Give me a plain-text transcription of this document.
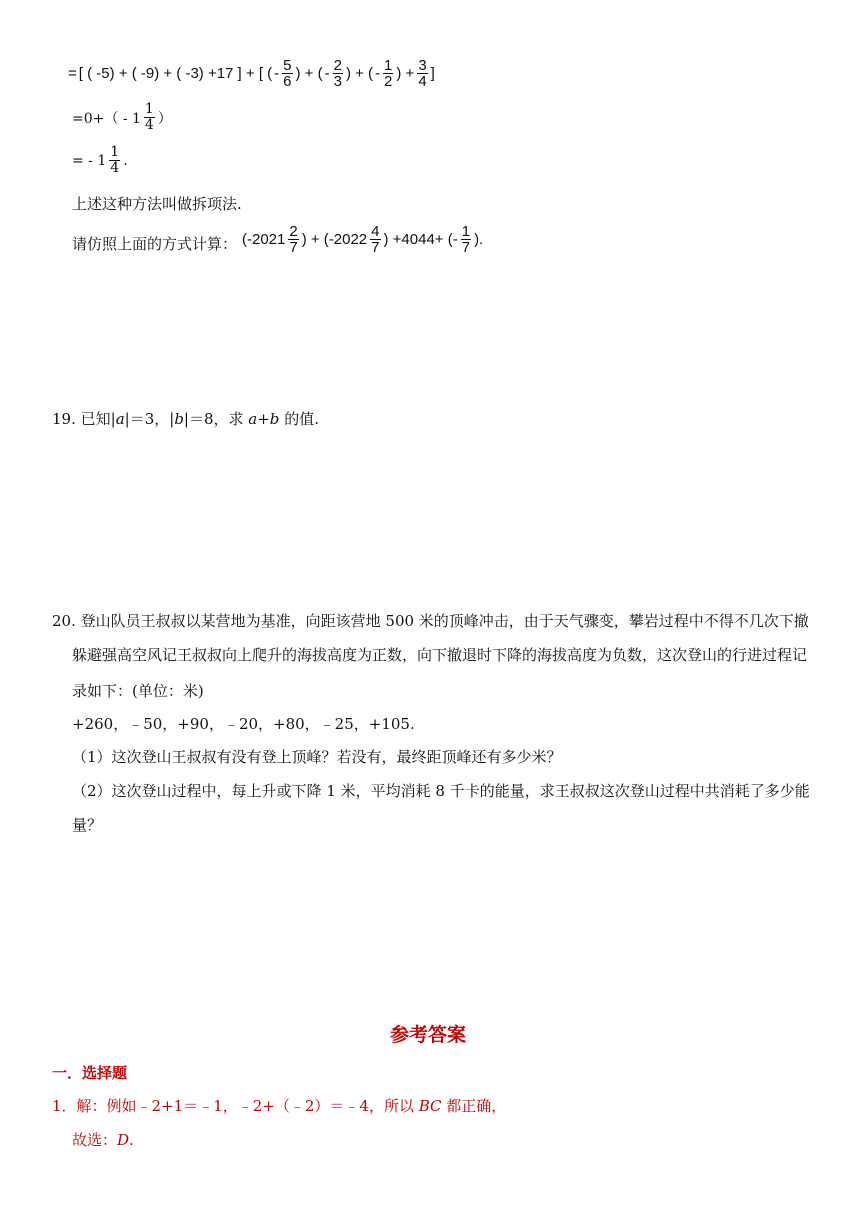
= [ ( -5) + ( -9) + ( -3) +17 ] + [ ( - $\frac{5}{6}$ ) + ( - $\frac{2}{3}$ ) + ( - $\frac{1}{2}$ ) + $\frac{3}{4}$ ]
$=0+( - 1 \frac{1}{4}$ ）
= - $1 \frac{1}{4}$ .
上述这种方法叫做拆项法.
请仿照上面的方式计算： ($-2021 \frac{2}{7}$ ) + ($-2022 \frac{4}{7}$ ) +4044+ (- $\frac{1}{7}$ ).
19. 已知|a|＝3，|b|＝8，求 a+b 的值.
20. 登山队员王叔叔以某营地为基准，向距该营地 500 米的顶峰冲击，由于天气骤变，攀岩过程中不得不几次下撤
躲避强高空风记王叔叔向上爬升的海拔高度为正数，向下撤退时下降的海拔高度为负数，这次登山的行进过程记
录如下：(单位：米)
+260，﹣50，+90，﹣20，+80，﹣25，+105.
（1）这次登山王叔叔有没有登上顶峰？若没有，最终距顶峰还有多少米？
（2）这次登山过程中，每上升或下降 1 米，平均消耗 8 千卡的能量，求王叔叔这次登山过程中共消耗了多少能
量？
参考答案
一．选择题
1．解：例如﹣2+1＝﹣1，﹣2+（﹣2）＝﹣4，所以 BC 都正确，
故选：D.
